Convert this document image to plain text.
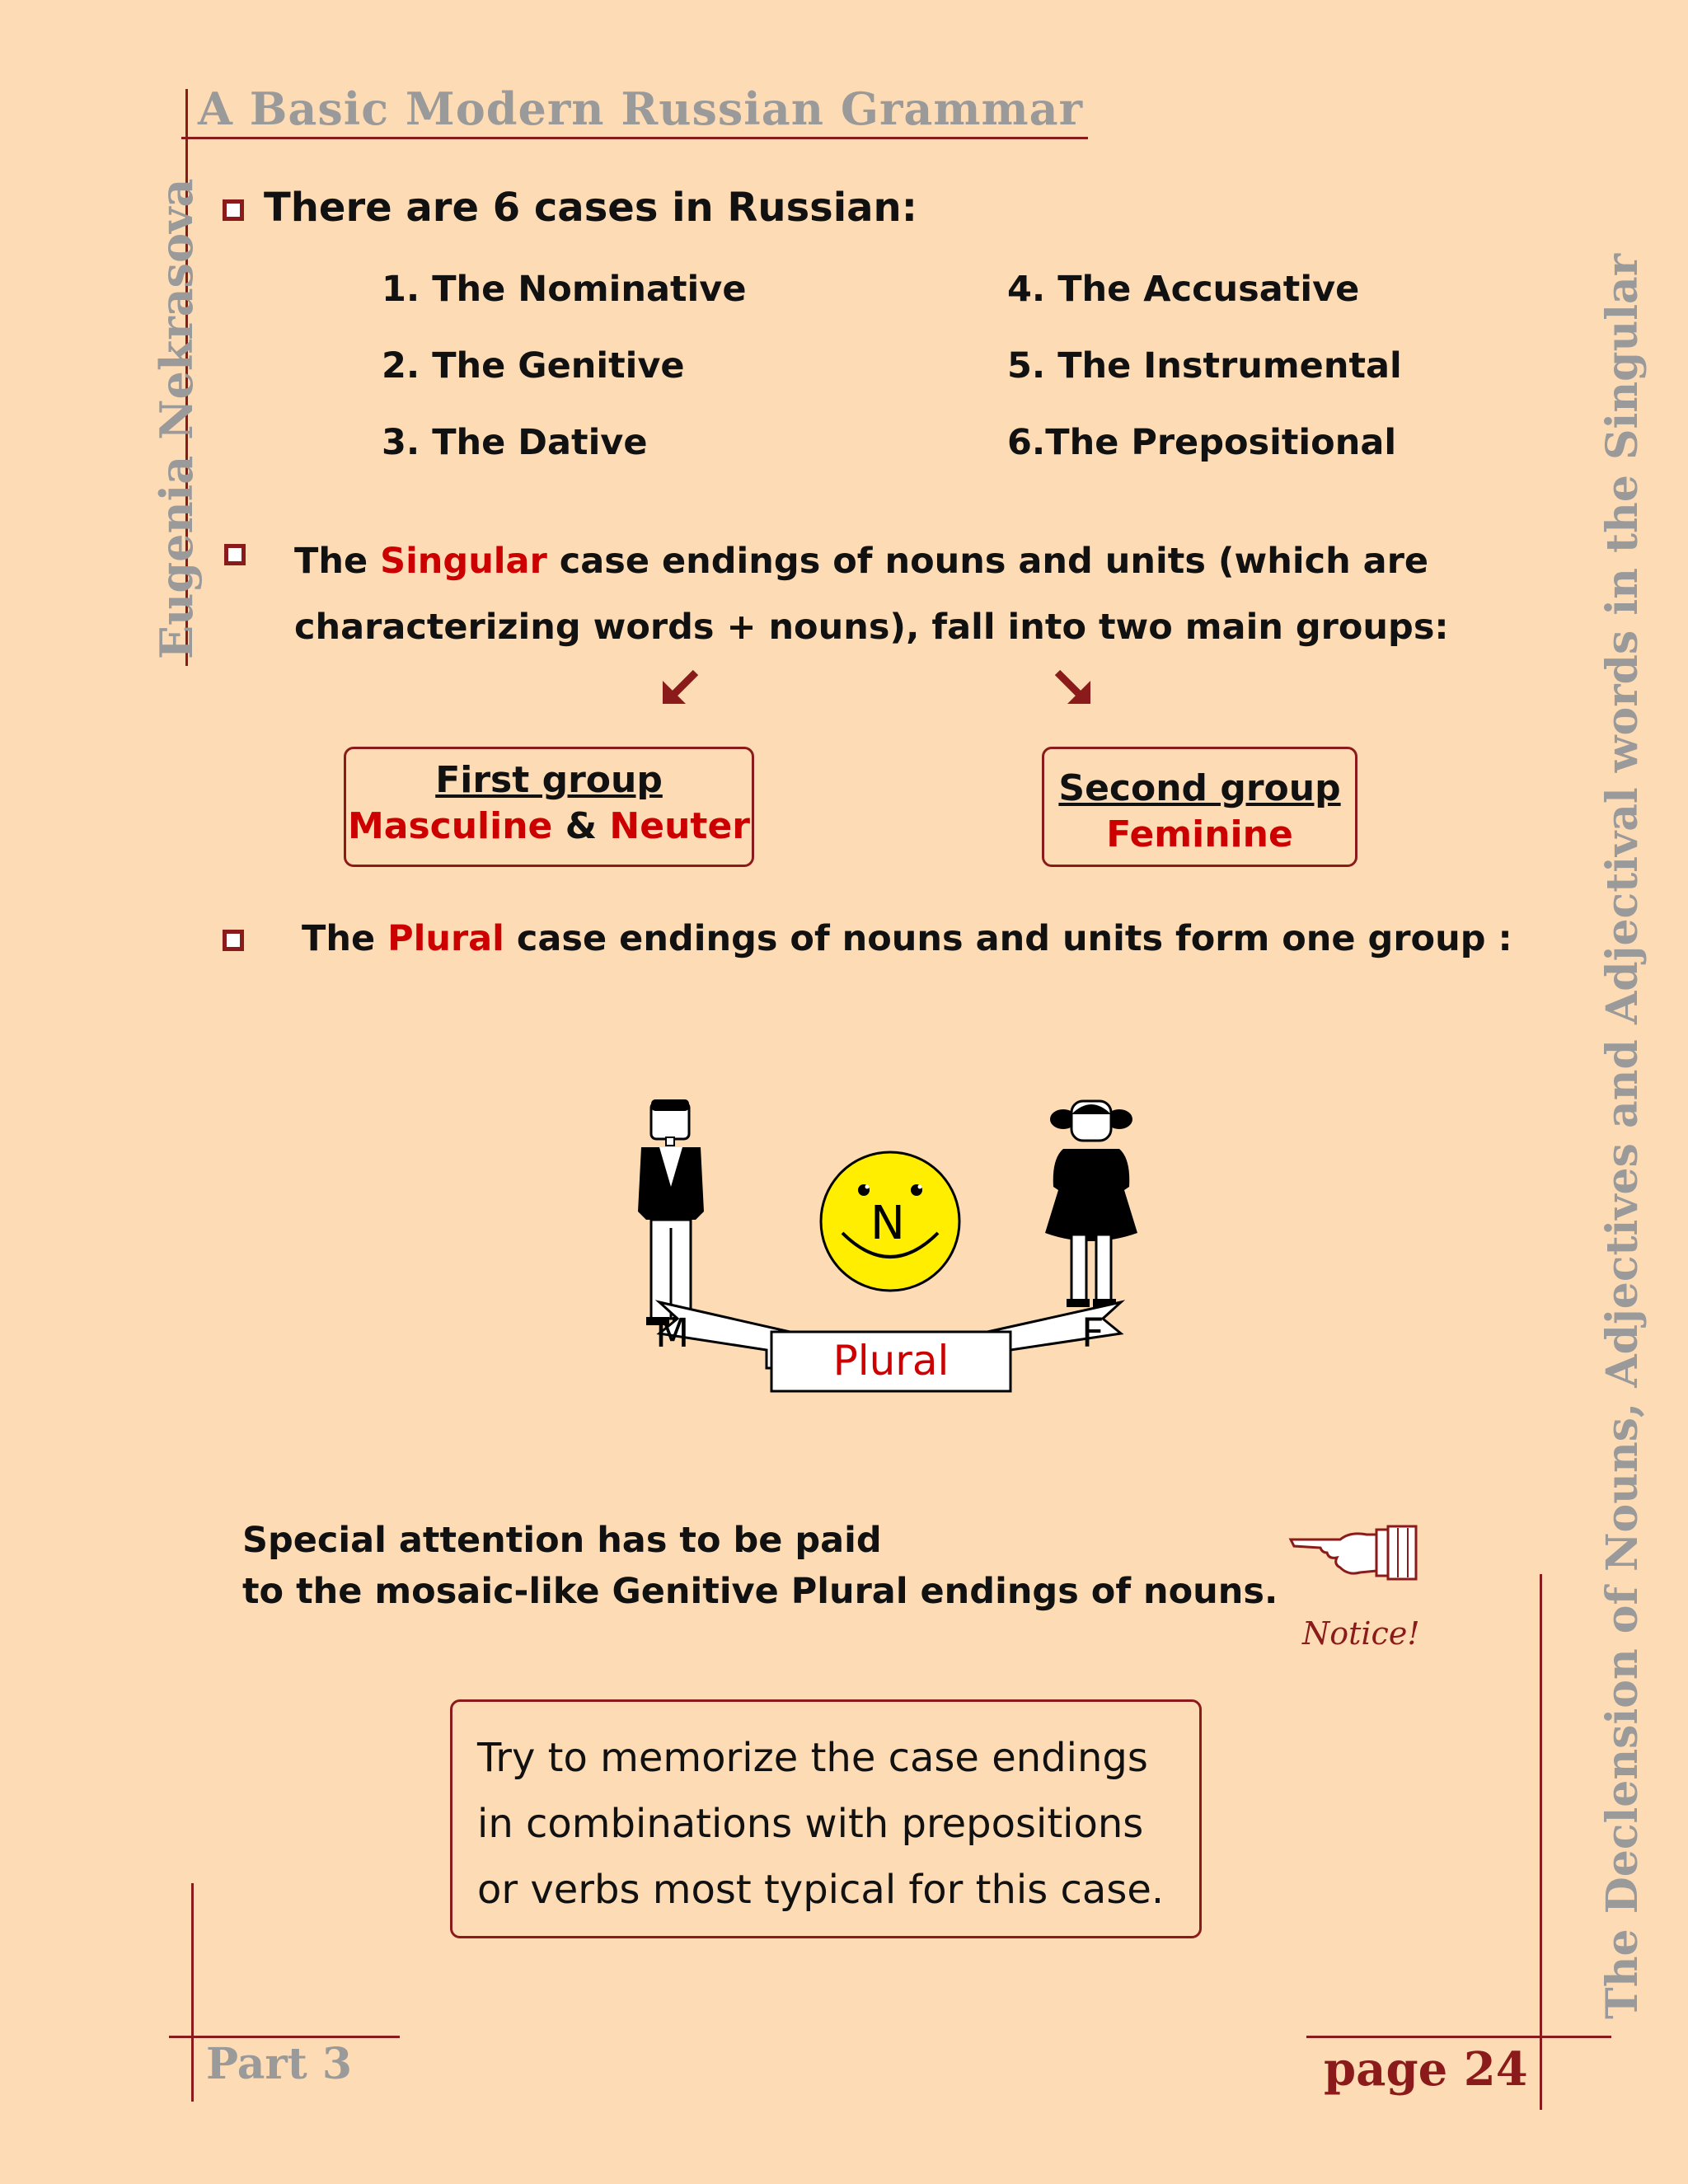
A Basic Modern Russian Grammar
Eugenia Nekrasova	The Declension of Nouns, Adjectives and Adjectival words in the Singular
There are 6 cases in Russian:
1. The Nominative
2. The Genitive
3. The Dative
4. The Accusative
5. The Instrumental
6.The Prepositional
The Singular case endings of nouns and units (which are
characterizing words + nouns), fall into two main groups:
First group
Masculine & Neuter
Second group
Feminine
The Plural case endings of nouns and units form one group :
N
M	F
Plural
Special attention has to be paid
to the mosaic-like Genitive Plural endings of nouns.
Notice!
Try to memorize the case endings
in combinations with prepositions
or verbs most typical for this case.
Part 3	page 24
